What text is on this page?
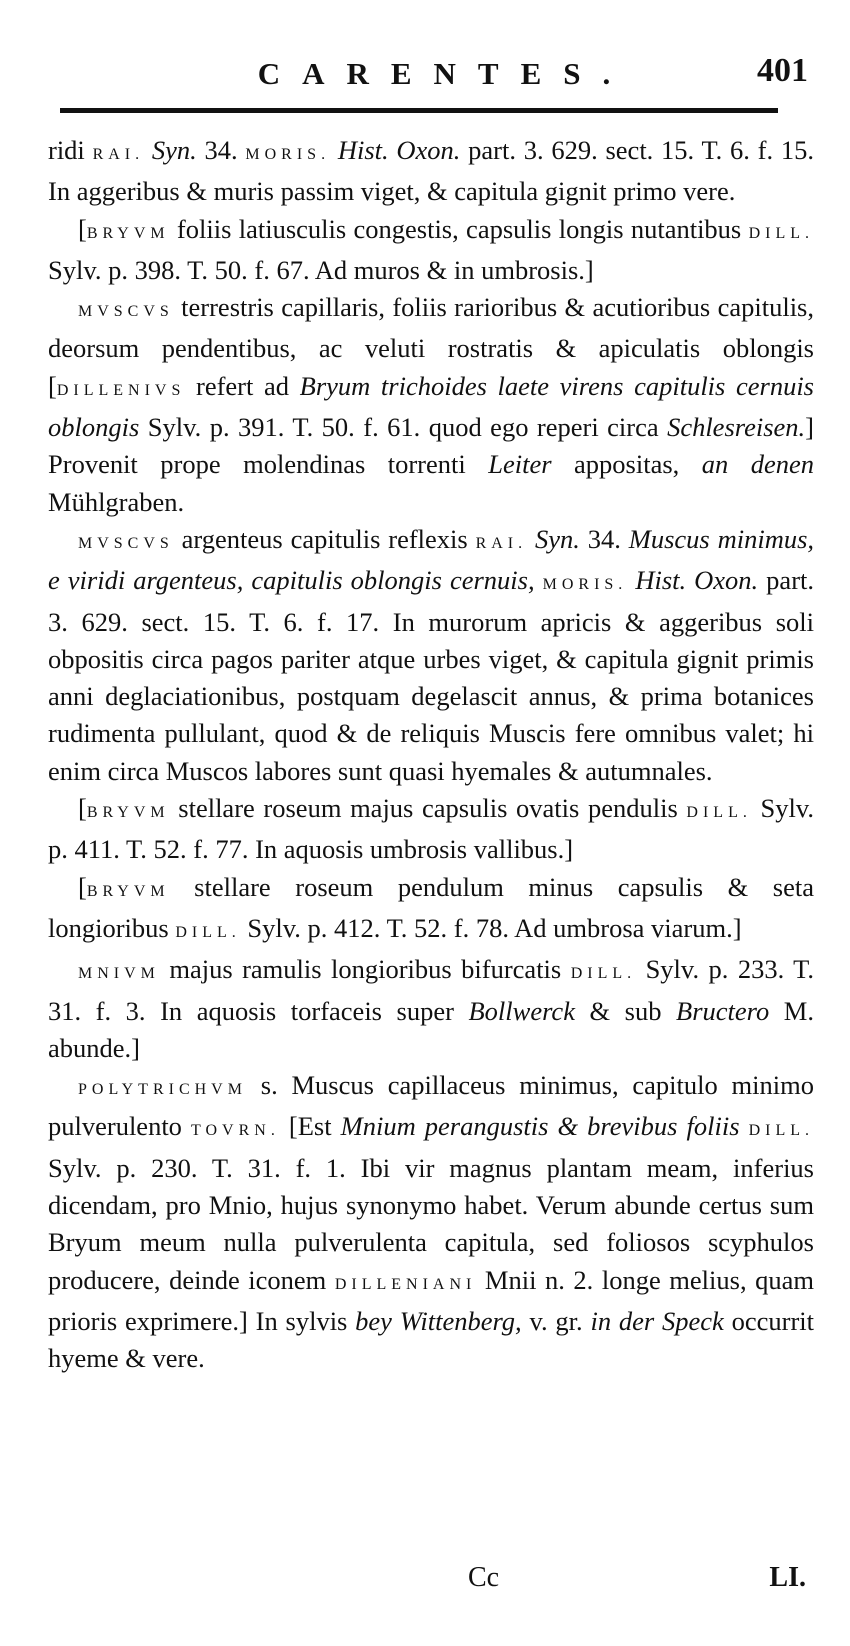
CARENTES.	401

ridi RAI. Syn. 34. MORIS. Hist. Oxon. part. 3. 629. sect. 15. T. 6. f. 15. In aggeribus & muris passim viget, & capitula gignit primo vere.

[BRYVM foliis latiusculis congestis, capsulis longis nutantibus DILL. Sylv. p. 398. T. 50. f. 67. Ad muros & in umbrosis.]

MVSCVS terrestris capillaris, foliis rarioribus & acutioribus capitulis, deorsum pendentibus, ac veluti rostratis & apiculatis oblongis [DILLENIVS refert ad Bryum trichoides laete virens capitulis cernuis oblongis Sylv. p. 391. T. 50. f. 61. quod ego reperi circa Schlesreisen.] Provenit prope molendinas torrenti Leiter appositas, an denen Mühlgraben.

MVSCVS argenteus capitulis reflexis RAI. Syn. 34. Muscus minimus, e viridi argenteus, capitulis oblongis cernuis, MORIS. Hist. Oxon. part. 3. 629. sect. 15. T. 6. f. 17. In murorum apricis & aggeribus soli obpositis circa pagos pariter atque urbes viget, & capitula gignit primis anni deglaciationibus, postquam degelascit annus, & prima botanices rudimenta pullulant, quod & de reliquis Muscis fere omnibus valet; hi enim circa Muscos labores sunt quasi hyemales & autumnales.

[BRYVM stellare roseum majus capsulis ovatis pendulis DILL. Sylv. p. 411. T. 52. f. 77. In aquosis umbrosis vallibus.]

[BRYVM stellare roseum pendulum minus capsulis & seta longioribus DILL. Sylv. p. 412. T. 52. f. 78. Ad umbrosa viarum.]

MNIVM majus ramulis longioribus bifurcatis DILL. Sylv. p. 233. T. 31. f. 3. In aquosis torfaceis super Bollwerck & sub Bructero M. abunde.]

POLYTRICHVM s. Muscus capillaceus minimus, capitulo minimo pulverulento TOVRN. [Est Mnium perangustis & brevibus foliis DILL. Sylv. p. 230. T. 31. f. 1. Ibi vir magnus plantam meam, inferius dicendam, pro Mnio, hujus synonymo habet. Verum abunde certus sum Bryum meum nulla pulverulenta capitula, sed foliosos scyphulos producere, deinde iconem DILLENIANI Mnii n. 2. longe melius, quam prioris exprimere.] In sylvis bey Wittenberg, v. gr. in der Speck occurrit hyeme & vere.

Cc	LI.
